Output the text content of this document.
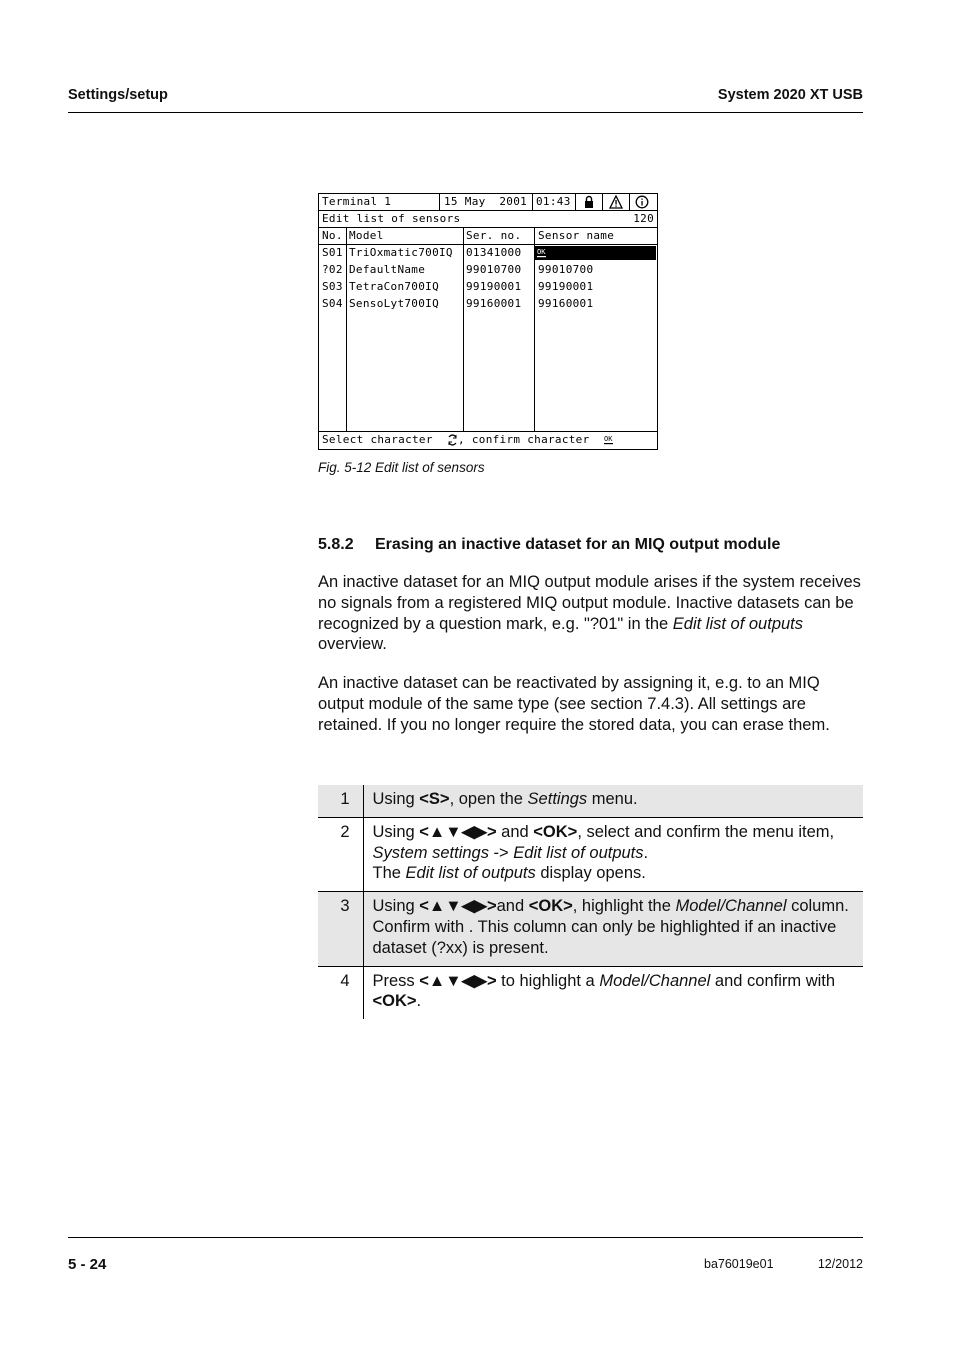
Settings/setup	System 2020 XT USB
Terminal 1	15 May  2001 01:43
Edit list of sensors	120
No. Model	Ser. no. Sensor name
S01 TriOxmatic700IQ 01341000 OK
?02 DefaultName	99010700 99010700
S03 TetraCon700IQ 99190001 99190001
S04 SensoLyt700IQ 99160001 99160001
Select character , confirm character OK
Fig. 5-12 Edit list of sensors
5.8.2 Erasing an inactive dataset for an MIQ output module
An inactive dataset for an MIQ output module arises if the system receives no signals from a registered MIQ output module. Inactive datasets can be recognized by a question mark, e.g. "?01" in the Edit list of outputs overview.
An inactive dataset can be reactivated by assigning it, e.g. to an MIQ output module of the same type (see section 7.4.3). All settings are retained. If you no longer require the stored data, you can erase them.
1	Using <S>, open the Settings menu.
2	Using <▲▼◀▶> and <OK>, select and confirm the menu item, System settings -> Edit list of outputs.
The Edit list of outputs display opens.
3	Using <▲▼◀▶>and <OK>, highlight the Model/Channel column. Confirm with . This column can only be highlighted if an inactive dataset (?xx) is present.
4	Press <▲▼◀▶> to highlight a Model/Channel and confirm with <OK>.
5 - 24	ba76019e01	12/2012
